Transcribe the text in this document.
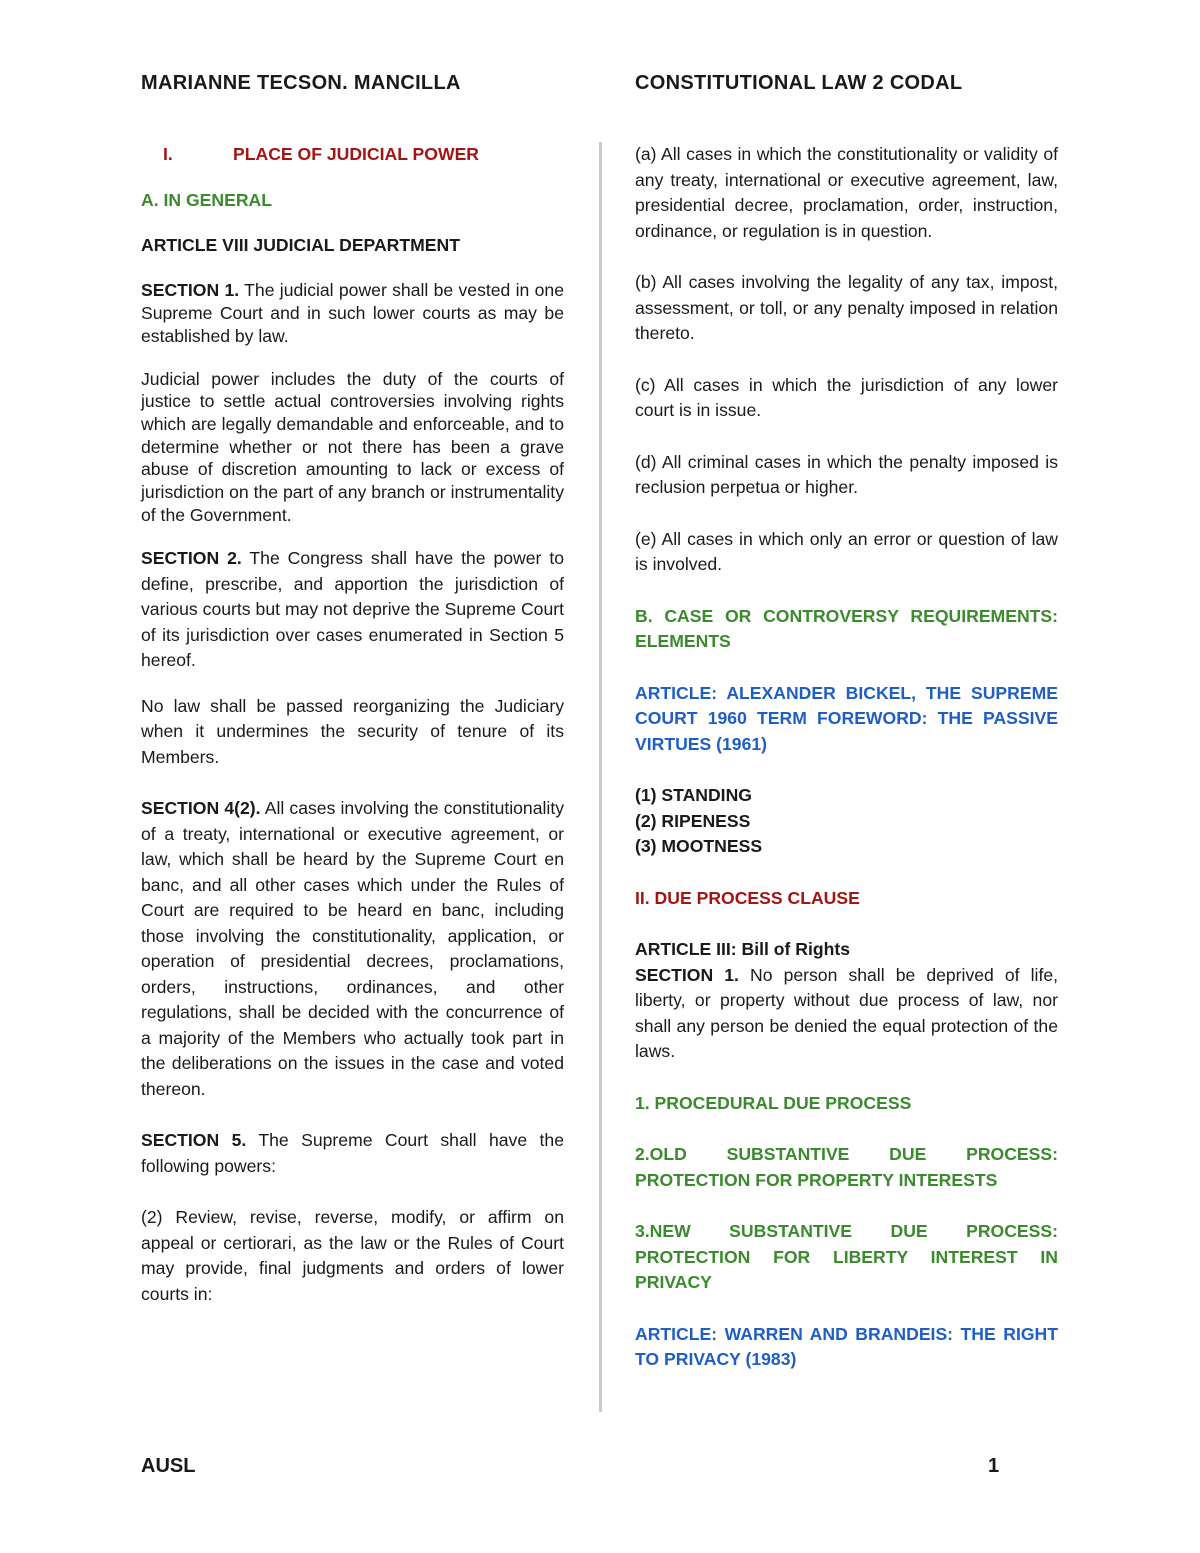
MARIANNE TECSON. MANCILLA	CONSTITUTIONAL LAW 2 CODAL

I.	PLACE OF JUDICIAL POWER

A. IN GENERAL

ARTICLE VIII JUDICIAL DEPARTMENT

SECTION 1. The judicial power shall be vested in one Supreme Court and in such lower courts as may be established by law.

Judicial power includes the duty of the courts of justice to settle actual controversies involving rights which are legally demandable and enforceable, and to determine whether or not there has been a grave abuse of discretion amounting to lack or excess of jurisdiction on the part of any branch or instrumentality of the Government.

SECTION 2. The Congress shall have the power to define, prescribe, and apportion the jurisdiction of various courts but may not deprive the Supreme Court of its jurisdiction over cases enumerated in Section 5 hereof.

No law shall be passed reorganizing the Judiciary when it undermines the security of tenure of its Members.

SECTION 4(2). All cases involving the constitutionality of a treaty, international or executive agreement, or law, which shall be heard by the Supreme Court en banc, and all other cases which under the Rules of Court are required to be heard en banc, including those involving the constitutionality, application, or operation of presidential decrees, proclamations, orders, instructions, ordinances, and other regulations, shall be decided with the concurrence of a majority of the Members who actually took part in the deliberations on the issues in the case and voted thereon.

SECTION 5. The Supreme Court shall have the following powers:

(2) Review, revise, reverse, modify, or affirm on appeal or certiorari, as the law or the Rules of Court may provide, final judgments and orders of lower courts in:

(a) All cases in which the constitutionality or validity of any treaty, international or executive agreement, law, presidential decree, proclamation, order, instruction, ordinance, or regulation is in question.

(b) All cases involving the legality of any tax, impost, assessment, or toll, or any penalty imposed in relation thereto.

(c) All cases in which the jurisdiction of any lower court is in issue.

(d) All criminal cases in which the penalty imposed is reclusion perpetua or higher.

(e) All cases in which only an error or question of law is involved.

B. CASE OR CONTROVERSY REQUIREMENTS: ELEMENTS

ARTICLE: ALEXANDER BICKEL, THE SUPREME COURT 1960 TERM FOREWORD: THE PASSIVE VIRTUES (1961)

(1) STANDING

(2) RIPENESS

(3) MOOTNESS

II. DUE PROCESS CLAUSE

ARTICLE III: Bill of Rights

SECTION 1. No person shall be deprived of life, liberty, or property without due process of law, nor shall any person be denied the equal protection of the laws.

1. PROCEDURAL DUE PROCESS

2.OLD SUBSTANTIVE DUE PROCESS: PROTECTION FOR PROPERTY INTERESTS

3.NEW SUBSTANTIVE DUE PROCESS: PROTECTION FOR LIBERTY INTEREST IN PRIVACY

ARTICLE: WARREN AND BRANDEIS: THE RIGHT TO PRIVACY (1983)

AUSL	1
